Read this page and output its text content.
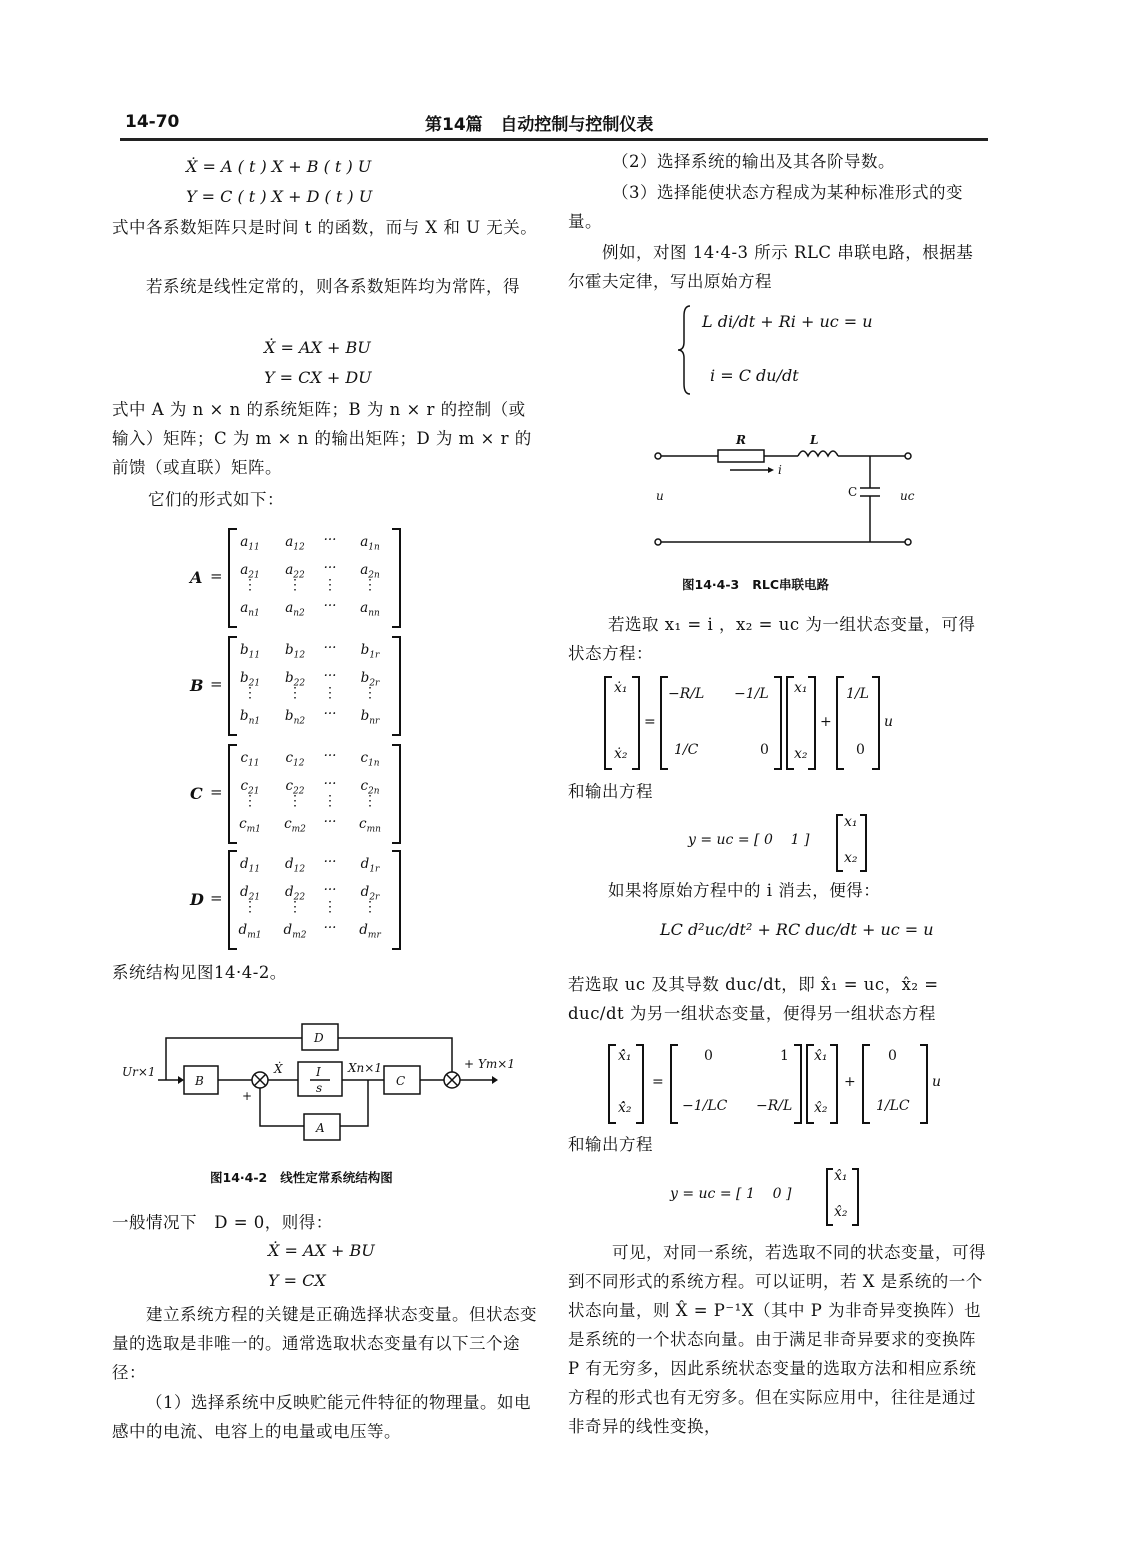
14-70	第14篇   自动控制与控制仪表
Ẋ = A ( t ) X + B ( t ) U
Y = C ( t ) X + D ( t ) U
式中各系数矩阵只是时间 t 的函数，而与 X 和 U 无关。
若系统是线性定常的，则各系数矩阵均为常阵，得
Ẋ = AX + BU
Y = CX + DU
式中 A 为 n × n 的系统矩阵；B 为 n × r 的控制（或输入）矩阵；C 为 m × n 的输出矩阵；D 为 m × r 的前馈（或直联）矩阵。
它们的形式如下：
A =
$a_{11}$	$a_{12}$	···	$a_{1n}$
$a_{21}$	$a_{22}$	···	$a_{2n}$
⋮	⋮	⋮	⋮
$a_{n1}$	$a_{n2}$	···	$a_{nn}$
B =
$b_{11}$	$b_{12}$	···	$b_{1r}$
$b_{21}$	$b_{22}$	···	$b_{2r}$
⋮	⋮	⋮	⋮
$b_{n1}$	$b_{n2}$	···	$b_{nr}$
C =
$c_{11}$	$c_{12}$	···	$c_{1n}$
$c_{21}$	$c_{22}$	···	$c_{2n}$
⋮	⋮	⋮	⋮
$c_{m1}$	$c_{m2}$	···	$c_{mn}$
D =
$d_{11}$	$d_{12}$	···	$d_{1r}$
$d_{21}$	$d_{22}$	···	$d_{2r}$
⋮	⋮	⋮	⋮
$d_{m1}$	$d_{m2}$	···	$d_{mr}$
系统结构见图14·4-2。
B
Ẋ	I
s
Xn×1
C
D
A
Ur×1
Ym×1
+
+
图14·4-2   线性定常系统结构图
一般情况下   D = 0，则得：
Ẋ = AX + BU
Y = CX
建立系统方程的关键是正确选择状态变量。但状态变量的选取是非唯一的。通常选取状态变量有以下三个途径：
（1）选择系统中反映贮能元件特征的物理量。如电感中的电流、电容上的电量或电压等。
（2）选择系统的输出及其各阶导数。
（3）选择能使状态方程成为某种标准形式的变量。
例如，对图 14·4-3 所示 RLC 串联电路，根据基尔霍夫定律，写出原始方程
L di/dt + Ri + uc = u
i = C du/dt
R	L
i
u	C	uc
图14·4-3   RLC串联电路
若选取 x₁ = i ，x₂ = uc 为一组状态变量，可得状态方程：
ẋ₁
ẋ₂
=
−R/L −1/L
1/C	0
x₁
x₂
+
1/L
0
u
和输出方程
y = uc = [ 0    1 ]
x₁
x₂
如果将原始方程中的 i 消去，便得：
LC d²uc/dt² + RC duc/dt + uc = u
若选取 uc 及其导数 duc/dt，即 x̂₁ = uc，x̂₂ = duc/dt 为另一组状态变量，便得另一组状态方程
x̂̇₁
x̂̇₂
=
0	1
−1/LC −R/L
x̂₁
x̂₂
+
0
1/LC
u
和输出方程
y = uc = [ 1    0 ]
x̂₁
x̂₂
可见，对同一系统，若选取不同的状态变量，可得到不同形式的系统方程。可以证明，若 X 是系统的一个状态向量，则 X̂ = P⁻¹X（其中 P 为非奇异变换阵）也是系统的一个状态向量。由于满足非奇异要求的变换阵 P 有无穷多，因此系统状态变量的选取方法和相应系统方程的形式也有无穷多。但在实际应用中，往往是通过非奇异的线性变换，
